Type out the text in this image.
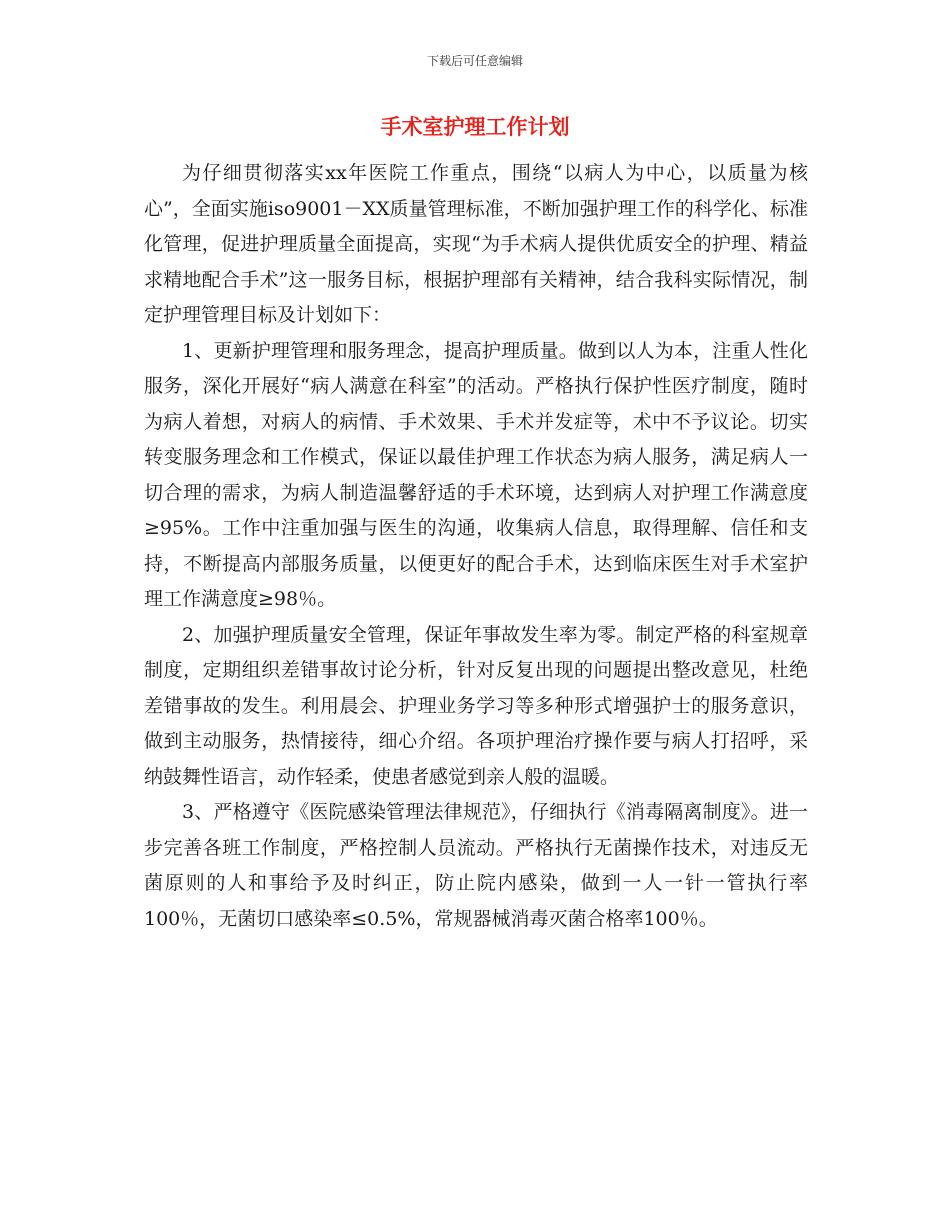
下载后可任意编辑
手术室护理工作计划

为仔细贯彻落实xx年医院工作重点，围绕“以病人为中心，以质量为核心”，全面实施iso9001－XX质量管理标准，不断加强护理工作的科学化、标准化管理，促进护理质量全面提高，实现“为手术病人提供优质安全的护理、精益求精地配合手术”这一服务目标，根据护理部有关精神，结合我科实际情况，制定护理管理目标及计划如下：

1、更新护理管理和服务理念，提高护理质量。做到以人为本，注重人性化服务，深化开展好“病人满意在科室”的活动。严格执行保护性医疗制度，随时为病人着想，对病人的病情、手术效果、手术并发症等，术中不予议论。切实转变服务理念和工作模式，保证以最佳护理工作状态为病人服务，满足病人一切合理的需求，为病人制造温馨舒适的手术环境，达到病人对护理工作满意度≥95%。工作中注重加强与医生的沟通，收集病人信息，取得理解、信任和支持，不断提高内部服务质量，以便更好的配合手术，达到临床医生对手术室护理工作满意度≥98％。

2、加强护理质量安全管理，保证年事故发生率为零。制定严格的科室规章制度，定期组织差错事故讨论分析，针对反复出现的问题提出整改意见，杜绝差错事故的发生。利用晨会、护理业务学习等多种形式增强护士的服务意识，做到主动服务，热情接待，细心介绍。各项护理治疗操作要与病人打招呼，采纳鼓舞性语言，动作轻柔，使患者感觉到亲人般的温暖。

3、严格遵守《医院感染管理法律规范》，仔细执行《消毒隔离制度》。进一步完善各班工作制度，严格控制人员流动。严格执行无菌操作技术，对违反无菌原则的人和事给予及时纠正，防止院内感染，做到一人一针一管执行率100％，无菌切口感染率≤0.5%，常规器械消毒灭菌合格率100％。
